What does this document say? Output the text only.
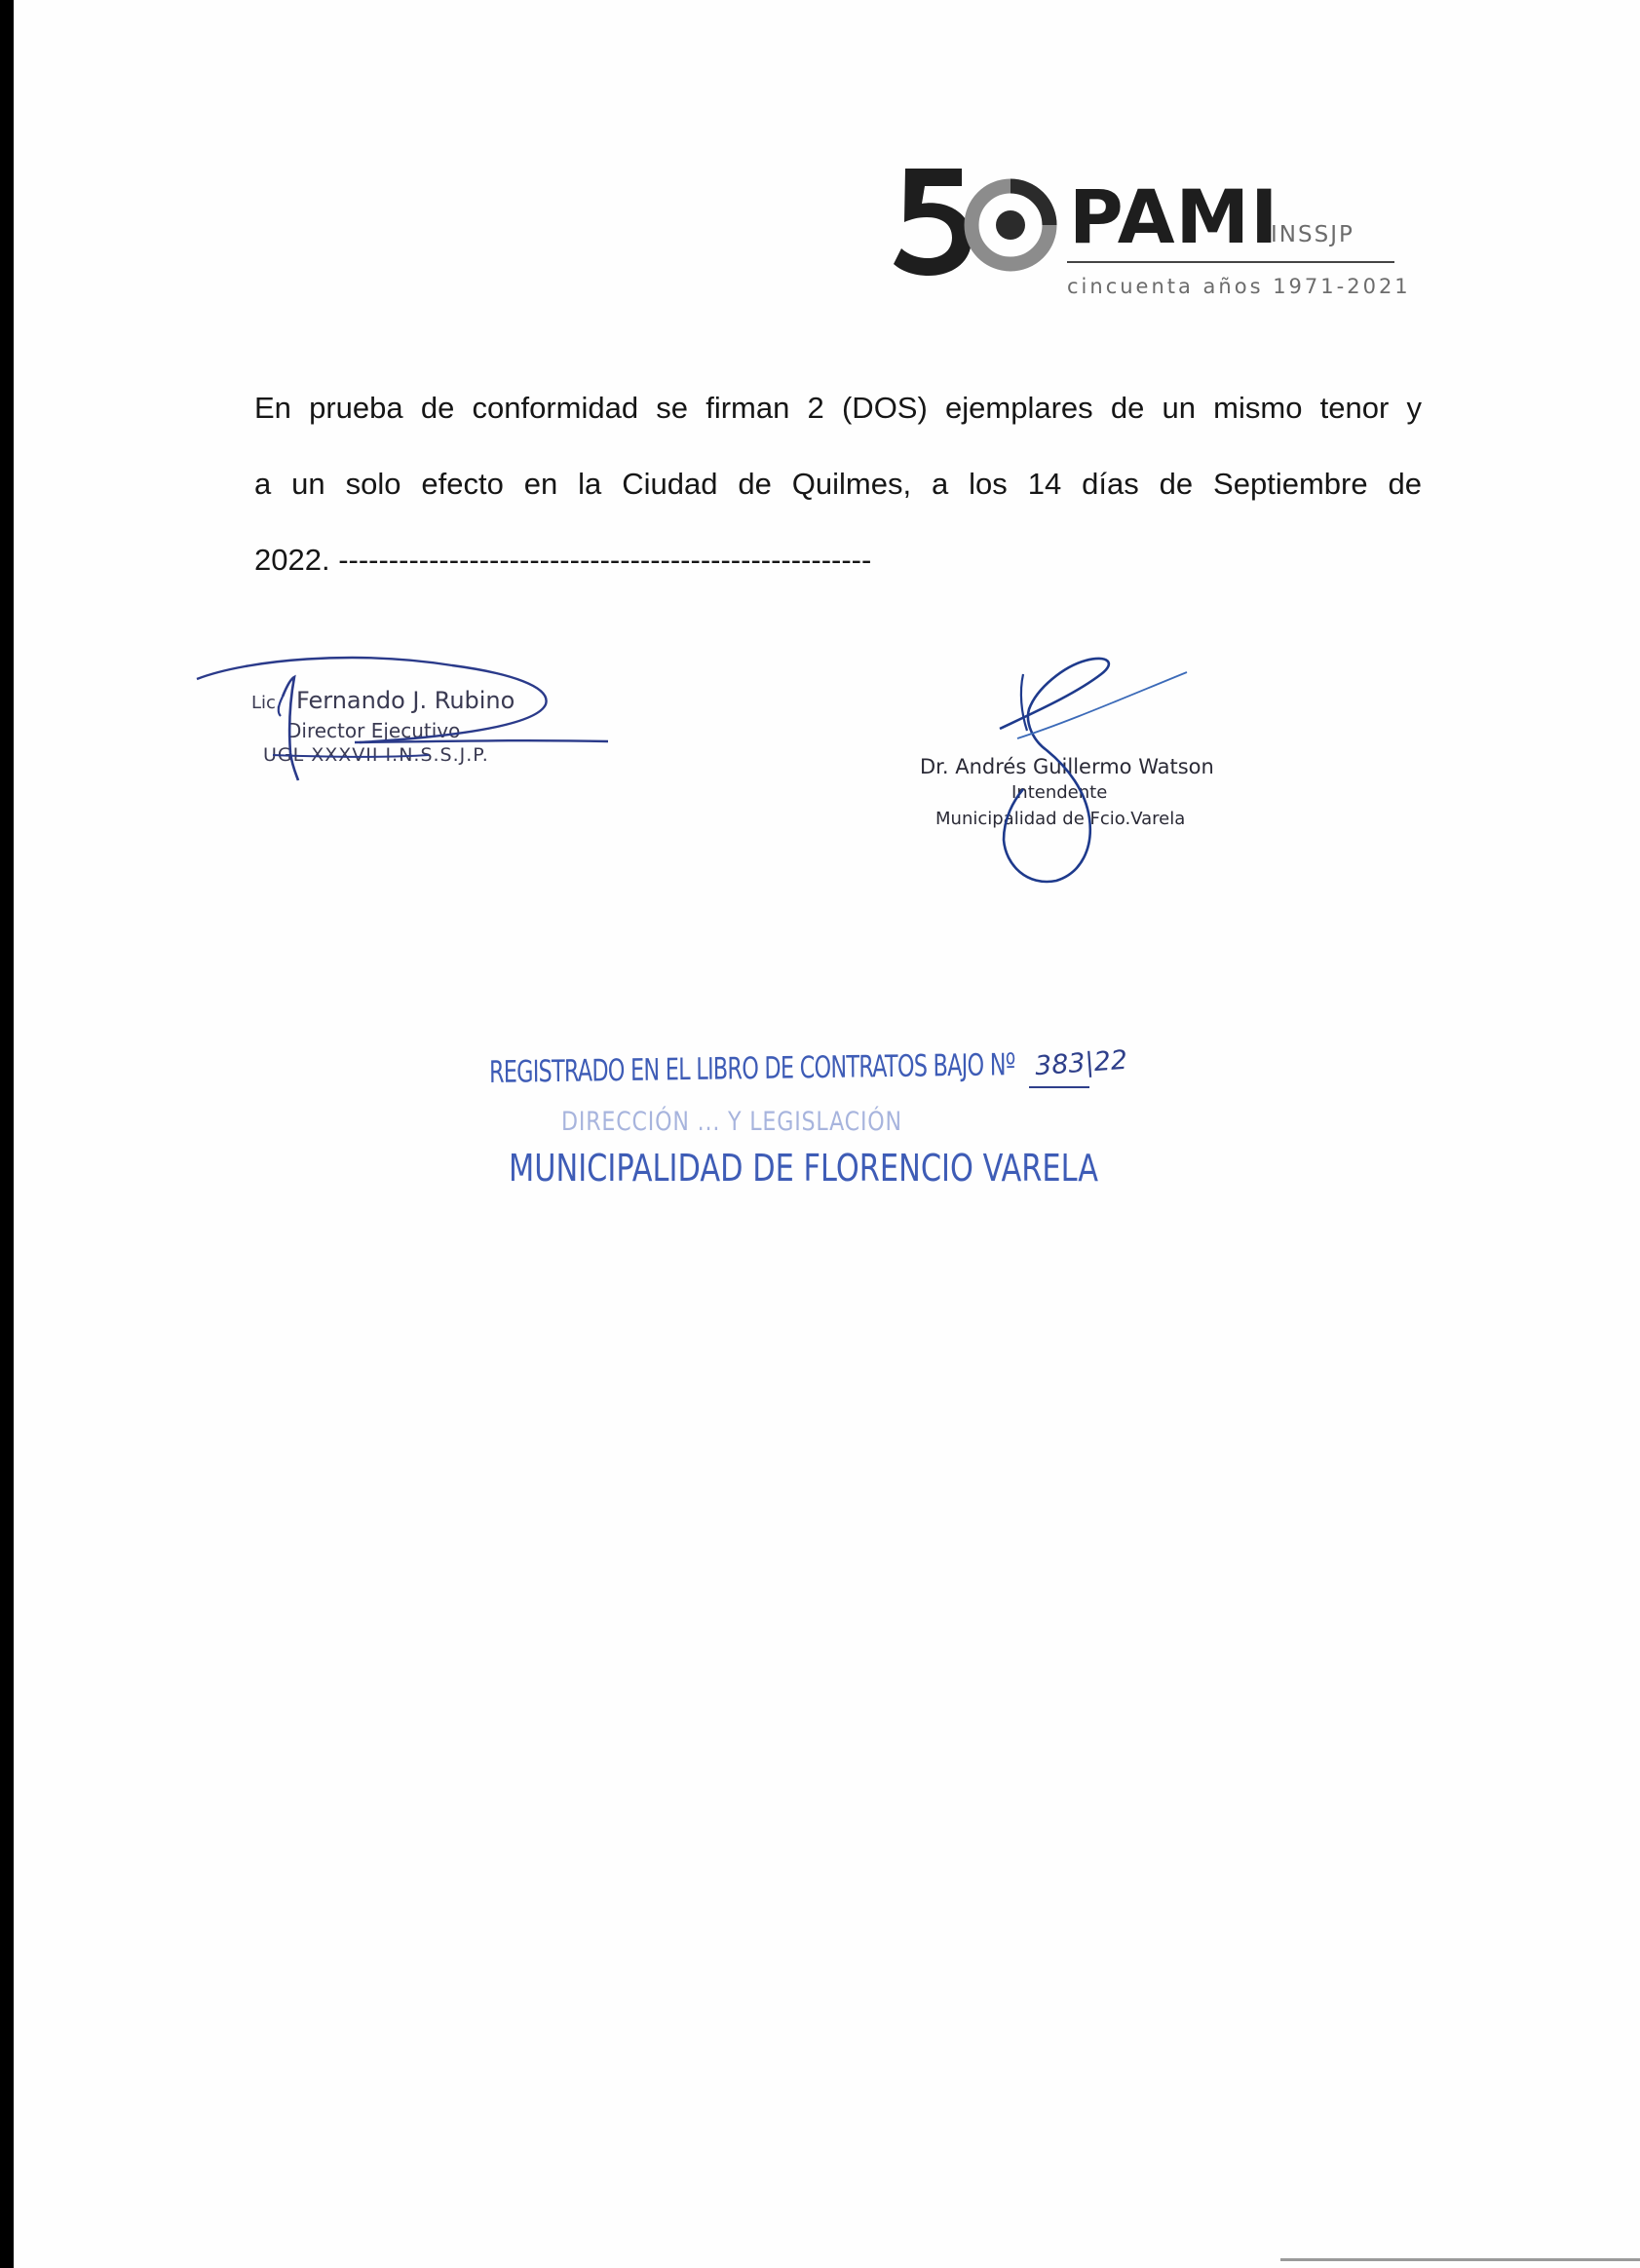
PAMI
INSSJP
cincuenta años 1971-2021

En prueba de conformidad se firman 2 (DOS) ejemplares de un mismo tenor y

a un solo efecto en la Ciudad de Quilmes, a los 14 días de Septiembre de

2022. -----------------------------------------------------

Lic. Fernando J. Rubino
Director Ejecutivo
UGL XXXVII I.N.S.S.J.P.	Dr. Andrés Guillermo Watson
Intendente
Municipalidad de Fcio.Varela
REGISTRADO EN EL LIBRO DE CONTRATOS BAJO Nº 383|22
DIRECCIÓN ... Y LEGISLACIÓN
MUNICIPALIDAD DE FLORENCIO VARELA
